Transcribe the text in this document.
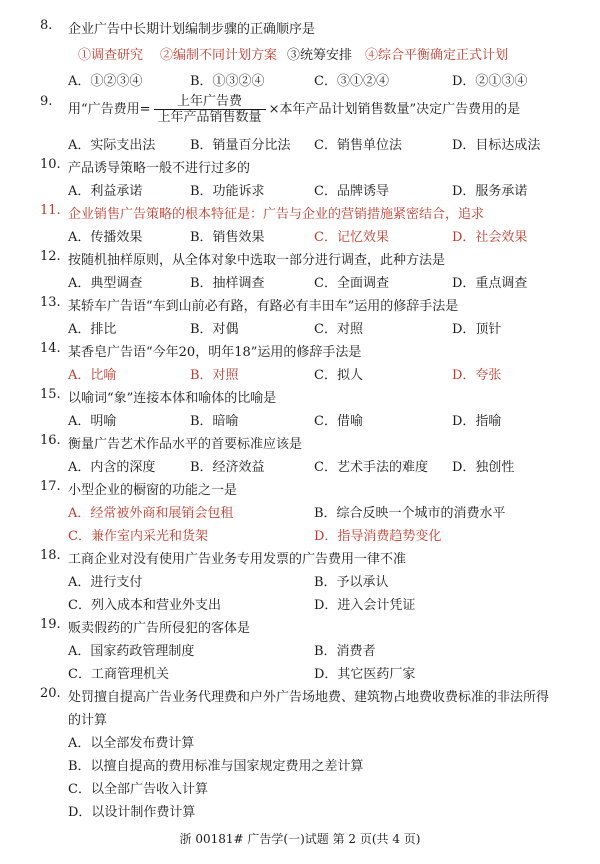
8. 企业广告中长期计划编制步骤的正确顺序是
①调查研究 ②编制不同计划方案 ③统筹安排 ④综合平衡确定正式计划
A．①②③④	B．①③②④	C．③①②④	D．②①③④
9.
用“广告费用= $\frac{\text{上年广告费}}{\text{上年产品销售数量}}$ ×本年产品计划销售数量”决定广告费用的是
A．实际支出法	B．销量百分比法 C．销售单位法	D．目标达成法
10. 产品诱导策略一般不进行过多的
A．利益承诺	B．功能诉求	C．品牌诱导	D．服务承诺
11. 企业销售广告策略的根本特征是：广告与企业的营销措施紧密结合，追求
A．传播效果	B．销售效果	C．记忆效果	D．社会效果
12. 按随机抽样原则，从全体对象中选取一部分进行调查，此种方法是
A．典型调查	B．抽样调查	C．全面调查	D．重点调查
13. 某轿车广告语“车到山前必有路，有路必有丰田车”运用的修辞手法是
A．排比	B．对偶	C．对照	D．顶针
14. 某香皂广告语“今年20，明年18”运用的修辞手法是
A．比喻	B．对照	C．拟人	D．夸张
15. 以喻词“象”连接本体和喻体的比喻是
A．明喻	B．暗喻	C．借喻	D．指喻
16. 衡量广告艺术作品水平的首要标准应该是
A．内含的深度	B．经济效益	C．艺术手法的难度 D．独创性
17. 小型企业的橱窗的功能之一是
A．经常被外商和展销会包租	B．综合反映一个城市的消费水平
C．兼作室内采光和货架	D．指导消费趋势变化
18. 工商企业对没有使用广告业务专用发票的广告费用一律不准
A．进行支付	B．予以承认
C．列入成本和营业外支出	D．进入会计凭证
19. 贩卖假药的广告所侵犯的客体是
A．国家药政管理制度	B．消费者
C．工商管理机关	D．其它医药厂家
20. 处罚擅自提高广告业务代理费和户外广告场地费、建筑物占地费收费标准的非法所得
的计算
A．以全部发布费计算
B．以擅自提高的费用标准与国家规定费用之差计算
C．以全部广告收入计算
D．以设计制作费计算
浙 00181# 广告学(一)试题 第 2 页(共 4 页)
